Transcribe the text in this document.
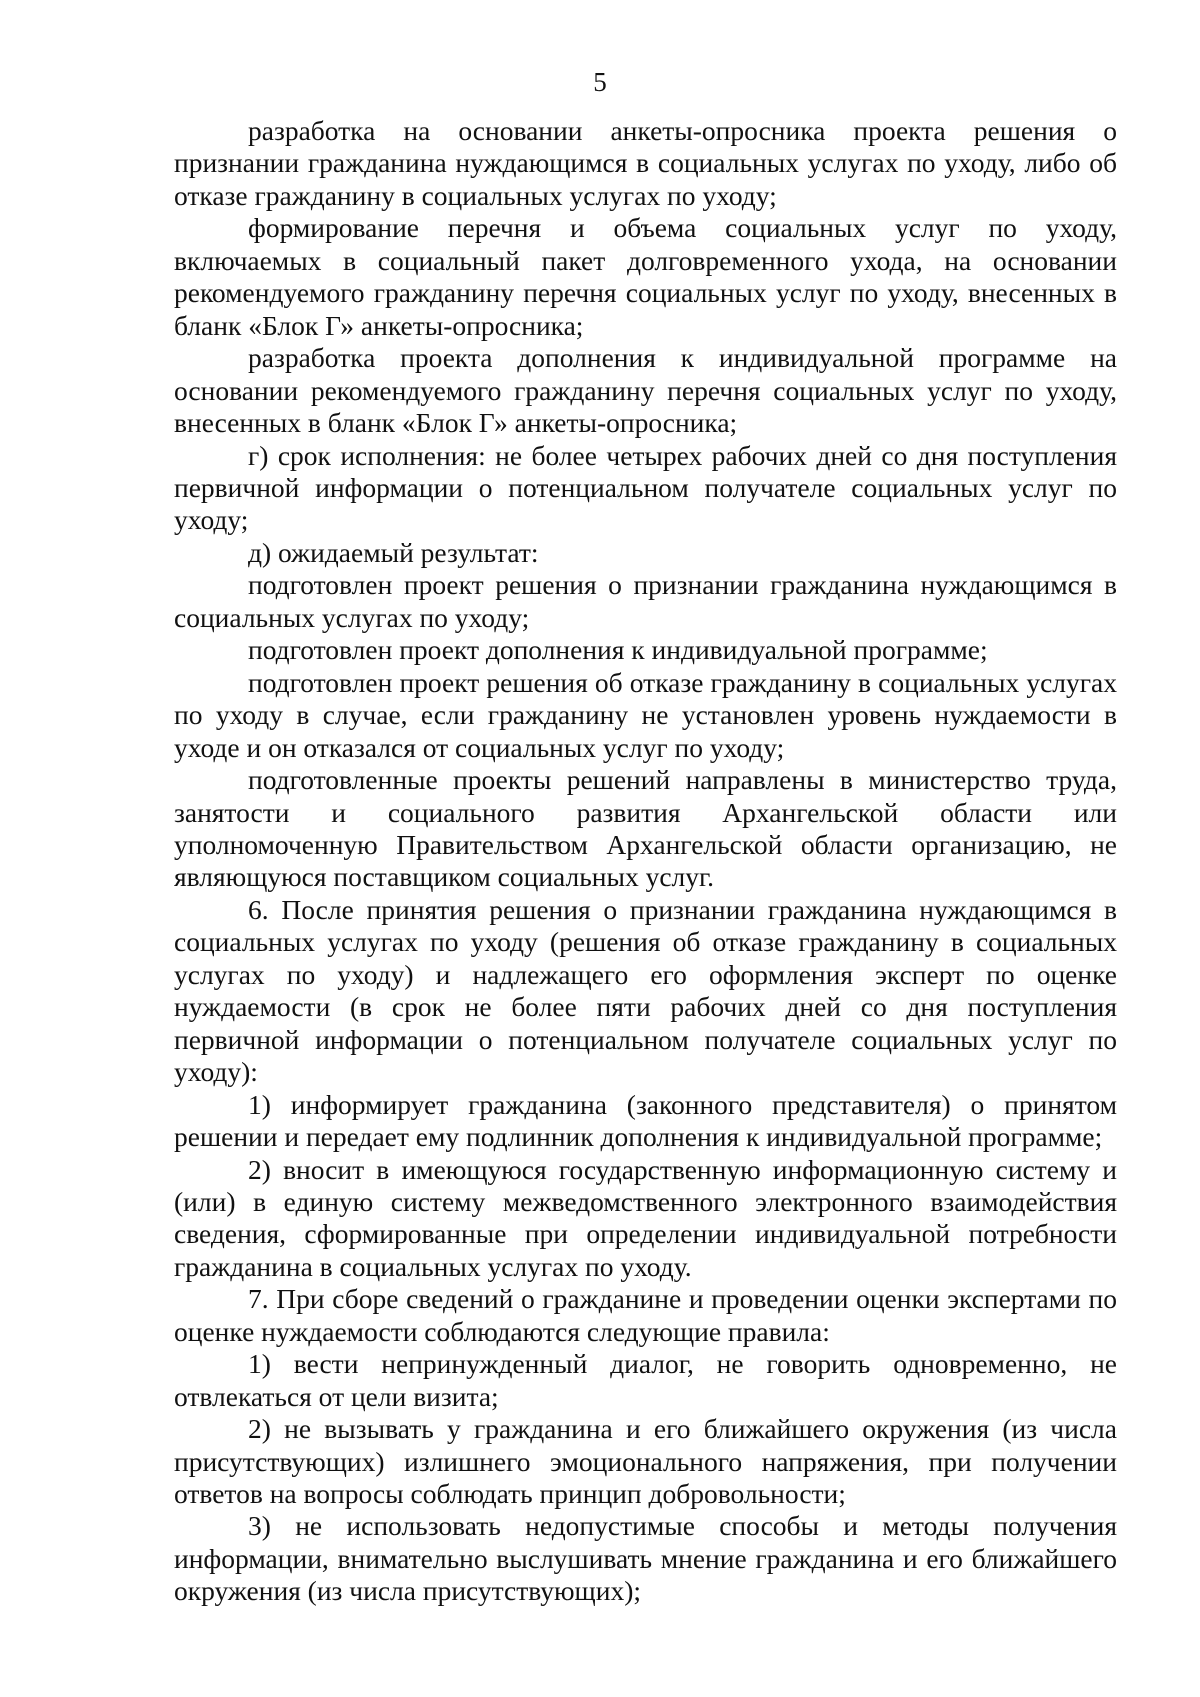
5

разработка на основании анкеты-опросника проекта решения о признании гражданина нуждающимся в социальных услугах по уходу, либо об отказе гражданину в социальных услугах по уходу;

формирование перечня и объема социальных услуг по уходу, включаемых в социальный пакет долговременного ухода, на основании рекомендуемого гражданину перечня социальных услуг по уходу, внесенных в бланк «Блок Г» анкеты-опросника;

разработка проекта дополнения к индивидуальной программе на основании рекомендуемого гражданину перечня социальных услуг по уходу, внесенных в бланк «Блок Г» анкеты-опросника;

г) срок исполнения: не более четырех рабочих дней со дня поступления первичной информации о потенциальном получателе социальных услуг по уходу;

д) ожидаемый результат:

подготовлен проект решения о признании гражданина нуждающимся в социальных услугах по уходу;

подготовлен проект дополнения к индивидуальной программе;

подготовлен проект решения об отказе гражданину в социальных услугах по уходу в случае, если гражданину не установлен уровень нуждаемости в уходе и он отказался от социальных услуг по уходу;

подготовленные проекты решений направлены в министерство труда, занятости и социального развития Архангельской области или уполномоченную Правительством Архангельской области организацию, не являющуюся поставщиком социальных услуг.

6. После принятия решения о признании гражданина нуждающимся в социальных услугах по уходу (решения об отказе гражданину в социальных услугах по уходу) и надлежащего его оформления эксперт по оценке нуждаемости (в срок не более пяти рабочих дней со дня поступления первичной информации о потенциальном получателе социальных услуг по уходу):

1) информирует гражданина (законного представителя) о принятом решении и передает ему подлинник дополнения к индивидуальной программе;

2) вносит в имеющуюся государственную информационную систему и (или) в единую систему межведомственного электронного взаимодействия сведения, сформированные при определении индивидуальной потребности гражданина в социальных услугах по уходу.

7. При сборе сведений о гражданине и проведении оценки экспертами по оценке нуждаемости соблюдаются следующие правила:

1) вести непринужденный диалог, не говорить одновременно, не отвлекаться от цели визита;

2) не вызывать у гражданина и его ближайшего окружения (из числа присутствующих) излишнего эмоционального напряжения, при получении ответов на вопросы соблюдать принцип добровольности;

3) не использовать недопустимые способы и методы получения информации, внимательно выслушивать мнение гражданина и его ближайшего окружения (из числа присутствующих);
